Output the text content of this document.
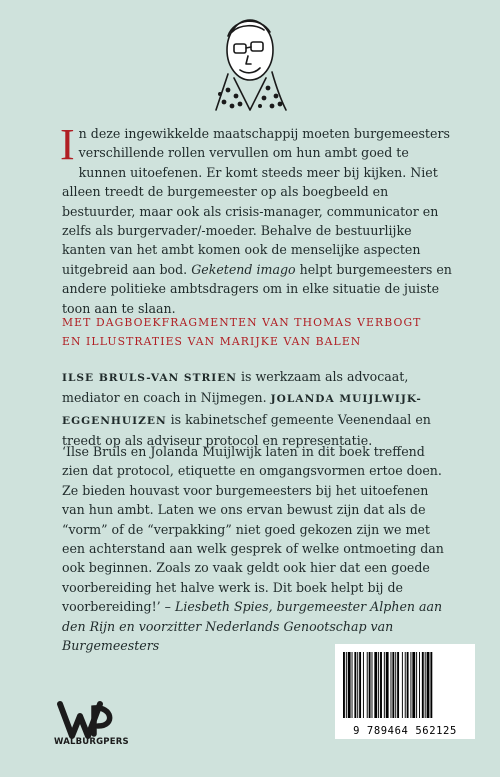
In deze ingewikkelde maatschappij moeten burgemeesters verschillende rollen vervullen om hun ambt goed te kunnen uitoefenen. Er komt steeds meer bij kijken. Niet alleen treedt de burgemeester op als boegbeeld en bestuurder, maar ook als crisis-manager, communicator en zelfs als burgervader/-moeder. Behalve de bestuurlijke kanten van het ambt komen ook de menselijke aspecten uitgebreid aan bod. Geketend imago helpt burgemeesters en andere politieke ambtsdragers om in elke situatie de juiste toon aan te slaan.

MET DAGBOEKFRAGMENTEN VAN THOMAS VERBOGT
EN ILLUSTRATIES VAN MARIJKE VAN BALEN

ILSE BRULS-VAN STRIEN is werkzaam als advocaat, mediator en coach in Nijmegen. JOLANDA MUIJLWIJK-EGGENHUIZEN is kabinetschef gemeente Veenendaal en treedt op als adviseur protocol en representatie.

‘Ilse Bruls en Jolanda Muijlwijk laten in dit boek treffend zien dat protocol, etiquette en omgangsvormen ertoe doen. Ze bieden houvast voor burgemeesters bij het uitoefenen van hun ambt. Laten we ons ervan bewust zijn dat als de “vorm” of de “verpakking” niet goed gekozen zijn we met een achterstand aan welk gesprek of welke ontmoeting dan ook beginnen. Zoals zo vaak geldt ook hier dat een goede voorbereiding het halve werk is. Dit boek helpt bij de voorbereiding!’ – Liesbeth Spies, burgemeester Alphen aan den Rijn en voorzitter Nederlands Genootschap van Burgemeesters

9 789464 562125
WALBURGPERS
